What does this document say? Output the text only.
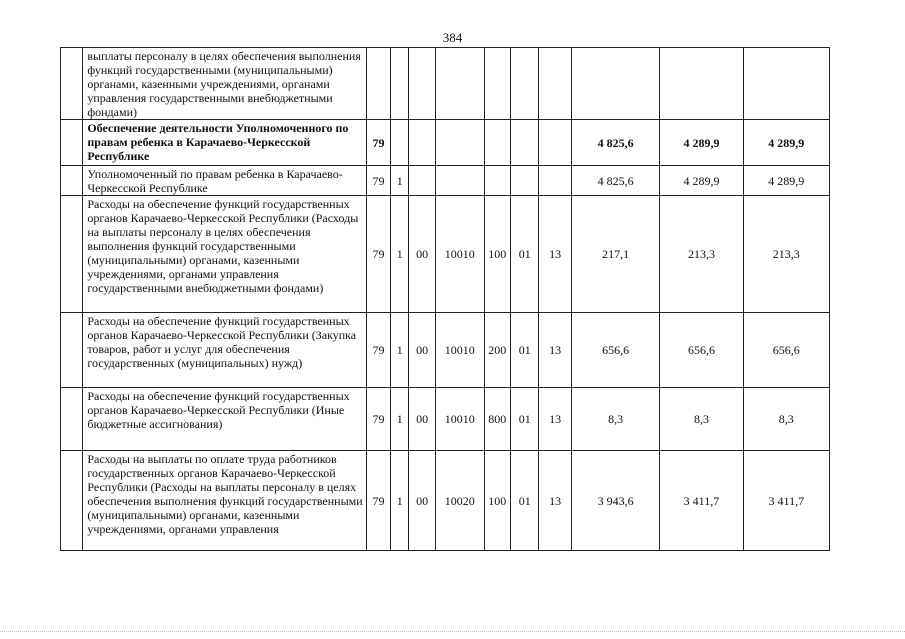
384
	выплаты персоналу в целях обеспечения выполнения функций государственными (муниципальными) органами, казенными учреждениями, органами управления государственными внебюджетными фондами)										
	Обеспечение деятельности Уполномоченного по правам ребенка в Карачаево-Черкесской Республике	79							4 825,6	4 289,9	4 289,9
	Уполномоченный по правам ребенка в Карачаево-Черкесской Республике	79	1						4 825,6	4 289,9	4 289,9
	Расходы на обеспечение функций государственных органов Карачаево-Черкесской Республики (Расходы на выплаты персоналу в целях обеспечения выполнения функций государственными (муниципальными) органами, казенными учреждениями, органами управления государственными внебюджетными фондами)	79	1	00	10010	100	01	13	217,1	213,3	213,3
	Расходы на обеспечение функций государственных органов Карачаево-Черкесской Республики (Закупка товаров, работ и услуг для обеспечения государственных (муниципальных) нужд)	79	1	00	10010	200	01	13	656,6	656,6	656,6
	Расходы на обеспечение функций государственных органов Карачаево-Черкесской Республики (Иные бюджетные ассигнования)	79	1	00	10010	800	01	13	8,3	8,3	8,3
	Расходы на выплаты по оплате труда работников государственных органов Карачаево-Черкесской Республики (Расходы на выплаты персоналу в целях обеспечения выполнения функций государственными (муниципальными) органами, казенными учреждениями, органами управления	79	1	00	10020	100	01	13	3 943,6	3 411,7	3 411,7
